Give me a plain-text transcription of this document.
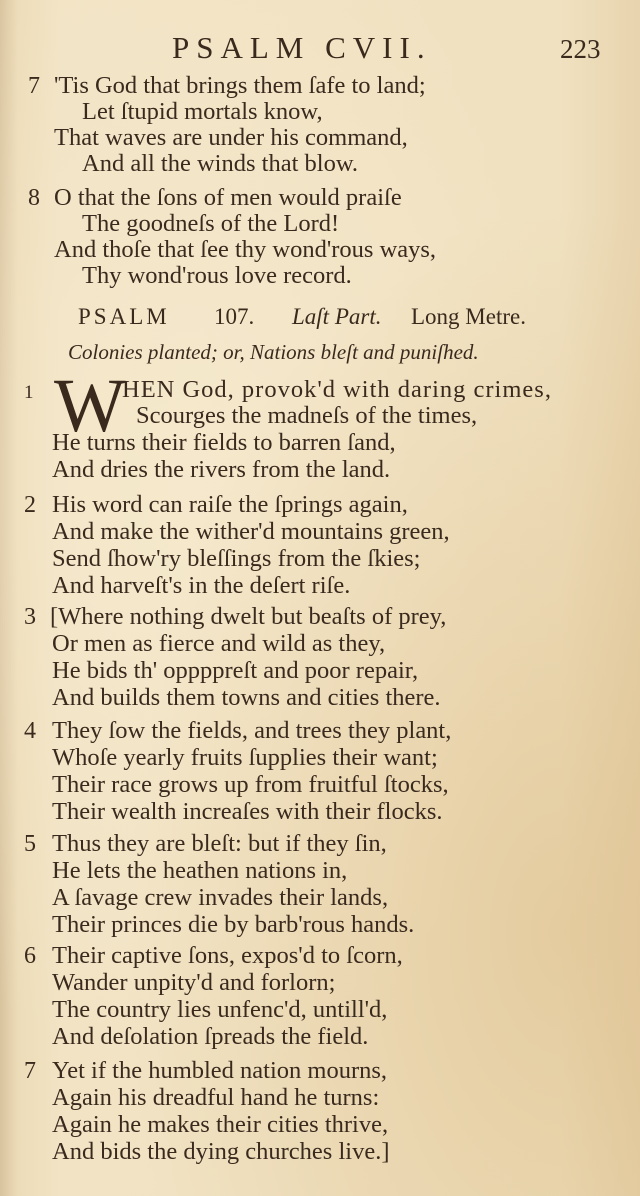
PSALM CVII.	223
7 'Tis God that brings them ſafe to land;
Let ſtupid mortals know,
That waves are under his command,
And all the winds that blow.
8 O that the ſons of men would praiſe
The goodneſs of the Lord!
And thoſe that ſee thy wond'rous ways,
Thy wond'rous love record.
PSALM 107. Laſt Part. Long Metre.
Colonies planted; or, Nations bleſt and puniſhed.
1 W
HEN God, provok'd with daring crimes,
Scourges the madneſs of the times,
He turns their fields to barren ſand,
And dries the rivers from the land.
2 His word can raiſe the ſprings again,
And make the wither'd mountains green,
Send ſhow'ry bleſſings from the ſkies;
And harveſt's in the deſert riſe.
3 [Where nothing dwelt but beaſts of prey,
Or men as fierce and wild as they,
He bids th' oppppreſt and poor repair,
And builds them towns and cities there.
4 They ſow the fields, and trees they plant,
Whoſe yearly fruits ſupplies their want;
Their race grows up from fruitful ſtocks,
Their wealth increaſes with their flocks.
5 Thus they are bleſt: but if they ſin,
He lets the heathen nations in,
A ſavage crew invades their lands,
Their princes die by barb'rous hands.
6 Their captive ſons, expos'd to ſcorn,
Wander unpity'd and forlorn;
The country lies unfenc'd, untill'd,
And deſolation ſpreads the field.
7 Yet if the humbled nation mourns,
Again his dreadful hand he turns:
Again he makes their cities thrive,
And bids the dying churches live.]
